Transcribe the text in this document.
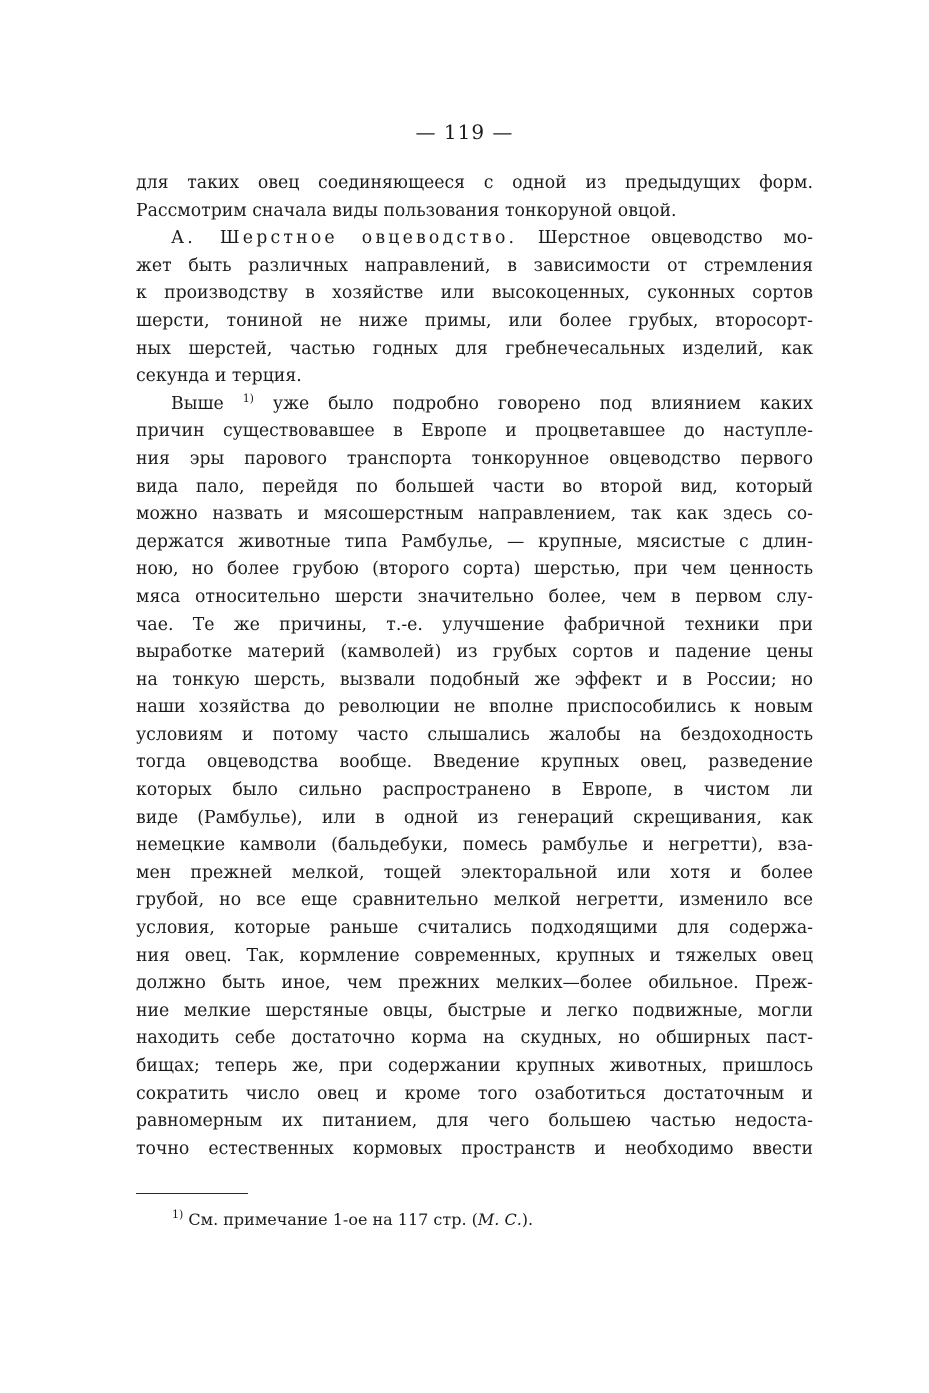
— 119 —

для таких овец соединяющееся с одной из предыдущих форм.
Рассмотрим сначала виды пользования тонкоруной овцой.
А. Шерстное овцеводство. Шерстное овцеводство мо-
жет быть различных направлений, в зависимости от стремления
к производству в хозяйстве или высокоценных, суконных сортов
шерсти, тониной не ниже примы, или более грубых, второсорт-
ных шерстей, частью годных для гребнечесальных изделий, как
секунда и терция.
Выше $^{1)}$ уже было подробно говорено под влиянием каких
причин существовавшее в Европе и процветавшее до наступле-
ния эры парового транспорта тонкорунное овцеводство первого
вида пало, перейдя по большей части во второй вид, который
можно назвать и мясошерстным направлением, так как здесь со-
держатся животные типа Рамбулье, — крупные, мясистые с длин-
ною, но более грубою (второго сорта) шерстью, при чем ценность
мяса относительно шерсти значительно более, чем в первом слу-
чае. Те же причины, т.-е. улучшение фабричной техники при
выработке материй (камволей) из грубых сортов и падение цены
на тонкую шерсть, вызвали подобный же эффект и в России; но
наши хозяйства до революции не вполне приспособились к новым
условиям и потому часто слышались жалобы на бездоходность
тогда овцеводства вообще. Введение крупных овец, разведение
которых было сильно распространено в Европе, в чистом ли
виде (Рамбулье), или в одной из генераций скрещивания, как
немецкие камволи (бальдебуки, помесь рамбулье и негретти), вза-
мен прежней мелкой, тощей электоральной или хотя и более
грубой, но все еще сравнительно мелкой негретти, изменило все
условия, которые раньше считались подходящими для содержа-
ния овец. Так, кормление современных, крупных и тяжелых овец
должно быть иное, чем прежних мелких—более обильное. Преж-
ние мелкие шерстяные овцы, быстрые и легко подвижные, могли
находить себе достаточно корма на скудных, но обширных паст-
бищах; теперь же, при содержании крупных животных, пришлось
сократить число овец и кроме того озаботиться достаточным и
равномерным их питанием, для чего большею частью недоста-
точно естественных кормовых пространств и необходимо ввести
$^{1)}$ См. примечание 1-ое на 117 стр. (М. С.).
